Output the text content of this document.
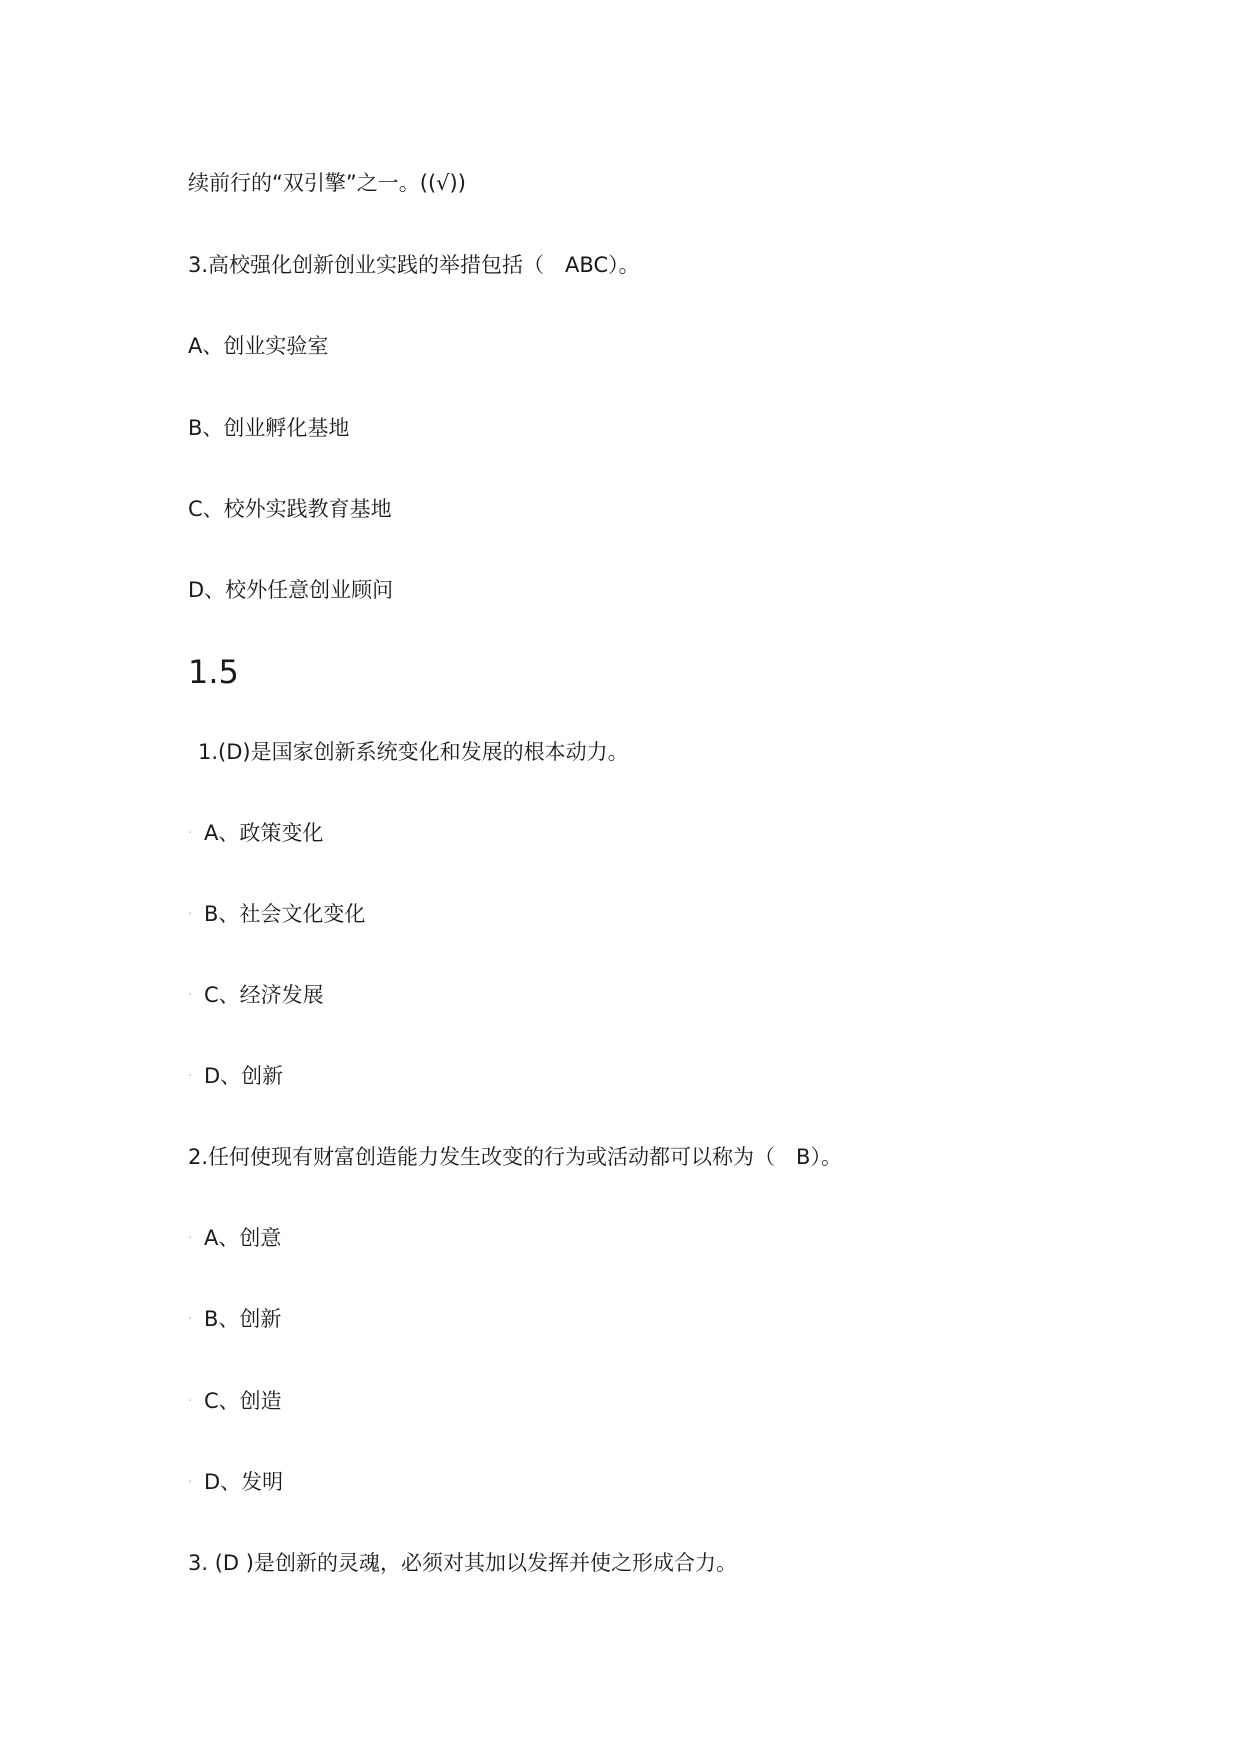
续前行的“双引擎”之一。((√))
3.高校强化创新创业实践的举措包括（　ABC）。
A、创业实验室
B、创业孵化基地
C、校外实践教育基地
D、校外任意创业顾问
1.5
1.(D)是国家创新系统变化和发展的根本动力。
· A、政策变化
· B、社会文化变化
· C、经济发展
· D、创新
2.任何使现有财富创造能力发生改变的行为或活动都可以称为（　B）。
· A、创意
· B、创新
· C、创造
· D、发明
3. (D )是创新的灵魂，必须对其加以发挥并使之形成合力。
